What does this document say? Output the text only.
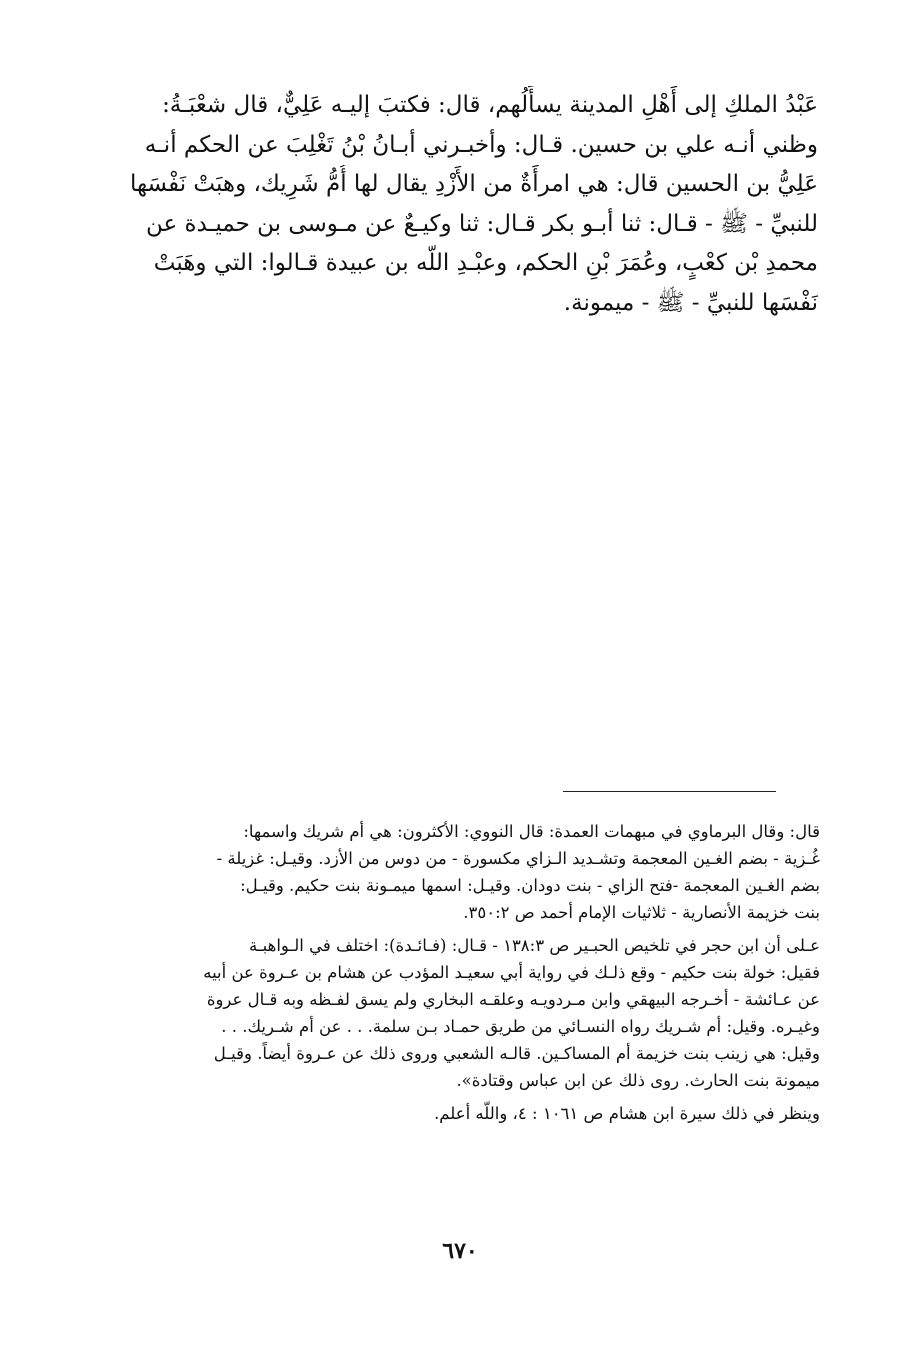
عَبْدُ الملكِ إلى أَهْلِ المدينة يسأَلُهم، قال: فكتبَ إليـه عَلِيٌّ، قال شعْبَـةُ:
وظني أنـه علي بن حسين. قـال: وأخبـرني أبـانُ بْنُ تَغْلِبَ عن الحكم أنـه
عَلِيُّ بن الحسين قال: هي امرأَةٌ من الأَزْدِ يقال لها أُمُّ شَرِيك، وهبَتْ نَفْسَها
للنبيِّ - ﷺ - قـال: ثنا أبـو بكر قـال: ثنا وكيـعٌ عن مـوسى بن حميـدة عن
محمدِ بْن كعْبٍ، وعُمَرَ بْنِ الحكم، وعبْـدِ اللّه بن عبيدة قـالوا: التي وهَبَتْ
نَفْسَها للنبيِّ - ﷺ - ميمونة.
قال: وقال البرماوي في مبهمات العمدة: قال النووي: الأكثرون: هي أم شريك واسمها:
غُـزية - بضم الغـين المعجمة وتشـديد الـزاي مكسورة - من دوس من الأزد. وقيـل: غزيلة -
بضم الغـين المعجمة -فتح الزاي - بنت دودان. وقيـل: اسمها ميمـونة بنت حكيم. وقيـل:
بنت خزيمة الأنصارية - ثلاثيات الإمام أحمد ص ٣٥٠:٢.
عـلى أن ابن حجر في تلخيص الحبـير ص ١٣٨:٣ - قـال: (فـائـدة): اختلف في الـواهبـة
فقيل: خولة بنت حكيم - وقع ذلـك في رواية أبي سعيـد المؤدب عن هشام بن عـروة عن أبيه
عن عـائشة - أخـرجه البيهقي وابن مـردويـه وعلقـه البخاري ولم يسق لفـظه وبه قـال عروة
وغيـره. وقيل: أم شـريك رواه النسـائي من طريق حمـاد بـن سلمة. . . عن أم شـريك. . .
وقيل: هي زينب بنت خزيمة أم المساكـين. قالـه الشعبي وروى ذلك عن عـروة أيضاً. وقيـل
ميمونة بنت الحارث. روى ذلك عن ابن عباس وقتادة».
وينظر في ذلك سيرة ابن هشام ص ١٠٦١ : ٤، واللّه أعلم.
٦٧٠
